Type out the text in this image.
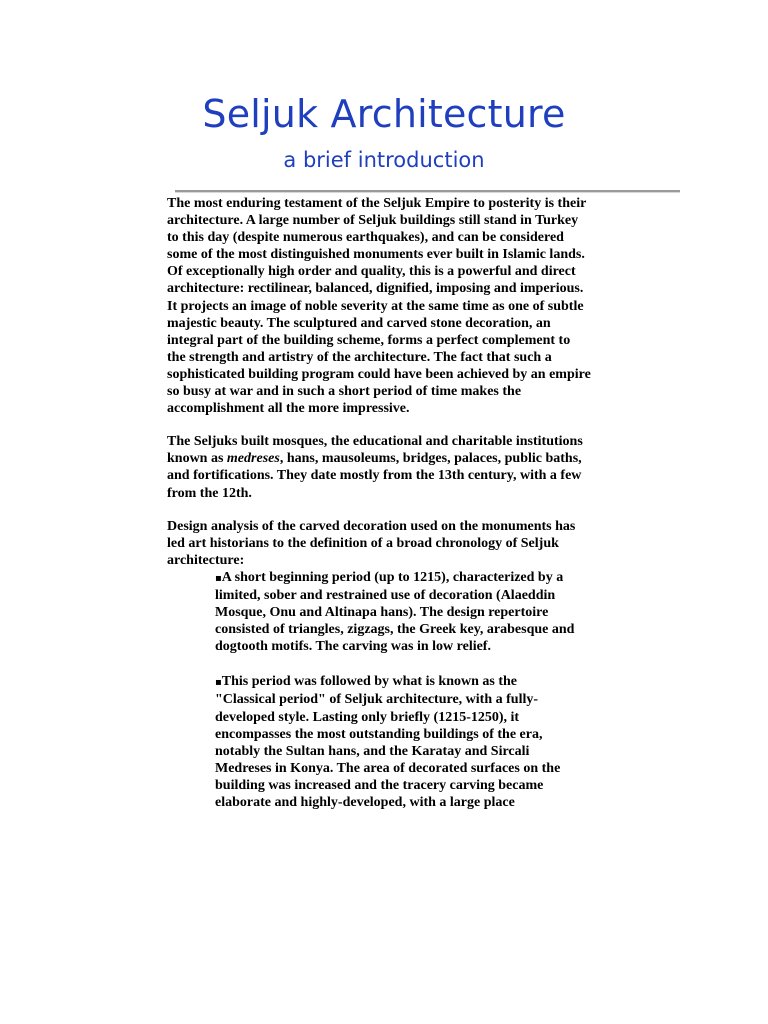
Seljuk Architecture
a brief introduction

The most enduring testament of the Seljuk Empire to posterity is their architecture. A large number of Seljuk buildings still stand in Turkey to this day (despite numerous earthquakes), and can be considered some of the most distinguished monuments ever built in Islamic lands. Of exceptionally high order and quality, this is a powerful and direct architecture: rectilinear, balanced, dignified, imposing and imperious. It projects an image of noble severity at the same time as one of subtle majestic beauty. The sculptured and carved stone decoration, an integral part of the building scheme, forms a perfect complement to the strength and artistry of the architecture. The fact that such a sophisticated building program could have been achieved by an empire so busy at war and in such a short period of time makes the accomplishment all the more impressive.

The Seljuks built mosques, the educational and charitable institutions known as medreses, hans, mausoleums, bridges, palaces, public baths, and fortifications. They date mostly from the 13th century, with a few from the 12th.

Design analysis of the carved decoration used on the monuments has led art historians to the definition of a broad chronology of Seljuk architecture:

▪A short beginning period (up to 1215), characterized by a limited, sober and restrained use of decoration (Alaeddin Mosque, Onu and Altinapa hans). The design repertoire consisted of triangles, zigzags, the Greek key, arabesque and dogtooth motifs. The carving was in low relief.
▪This period was followed by what is known as the "Classical period" of Seljuk architecture, with a fully-developed style. Lasting only briefly (1215-1250), it encompasses the most outstanding buildings of the era, notably the Sultan hans, and the Karatay and Sircali Medreses in Konya. The area of decorated surfaces on the building was increased and the tracery carving became elaborate and highly-developed, with a large place
